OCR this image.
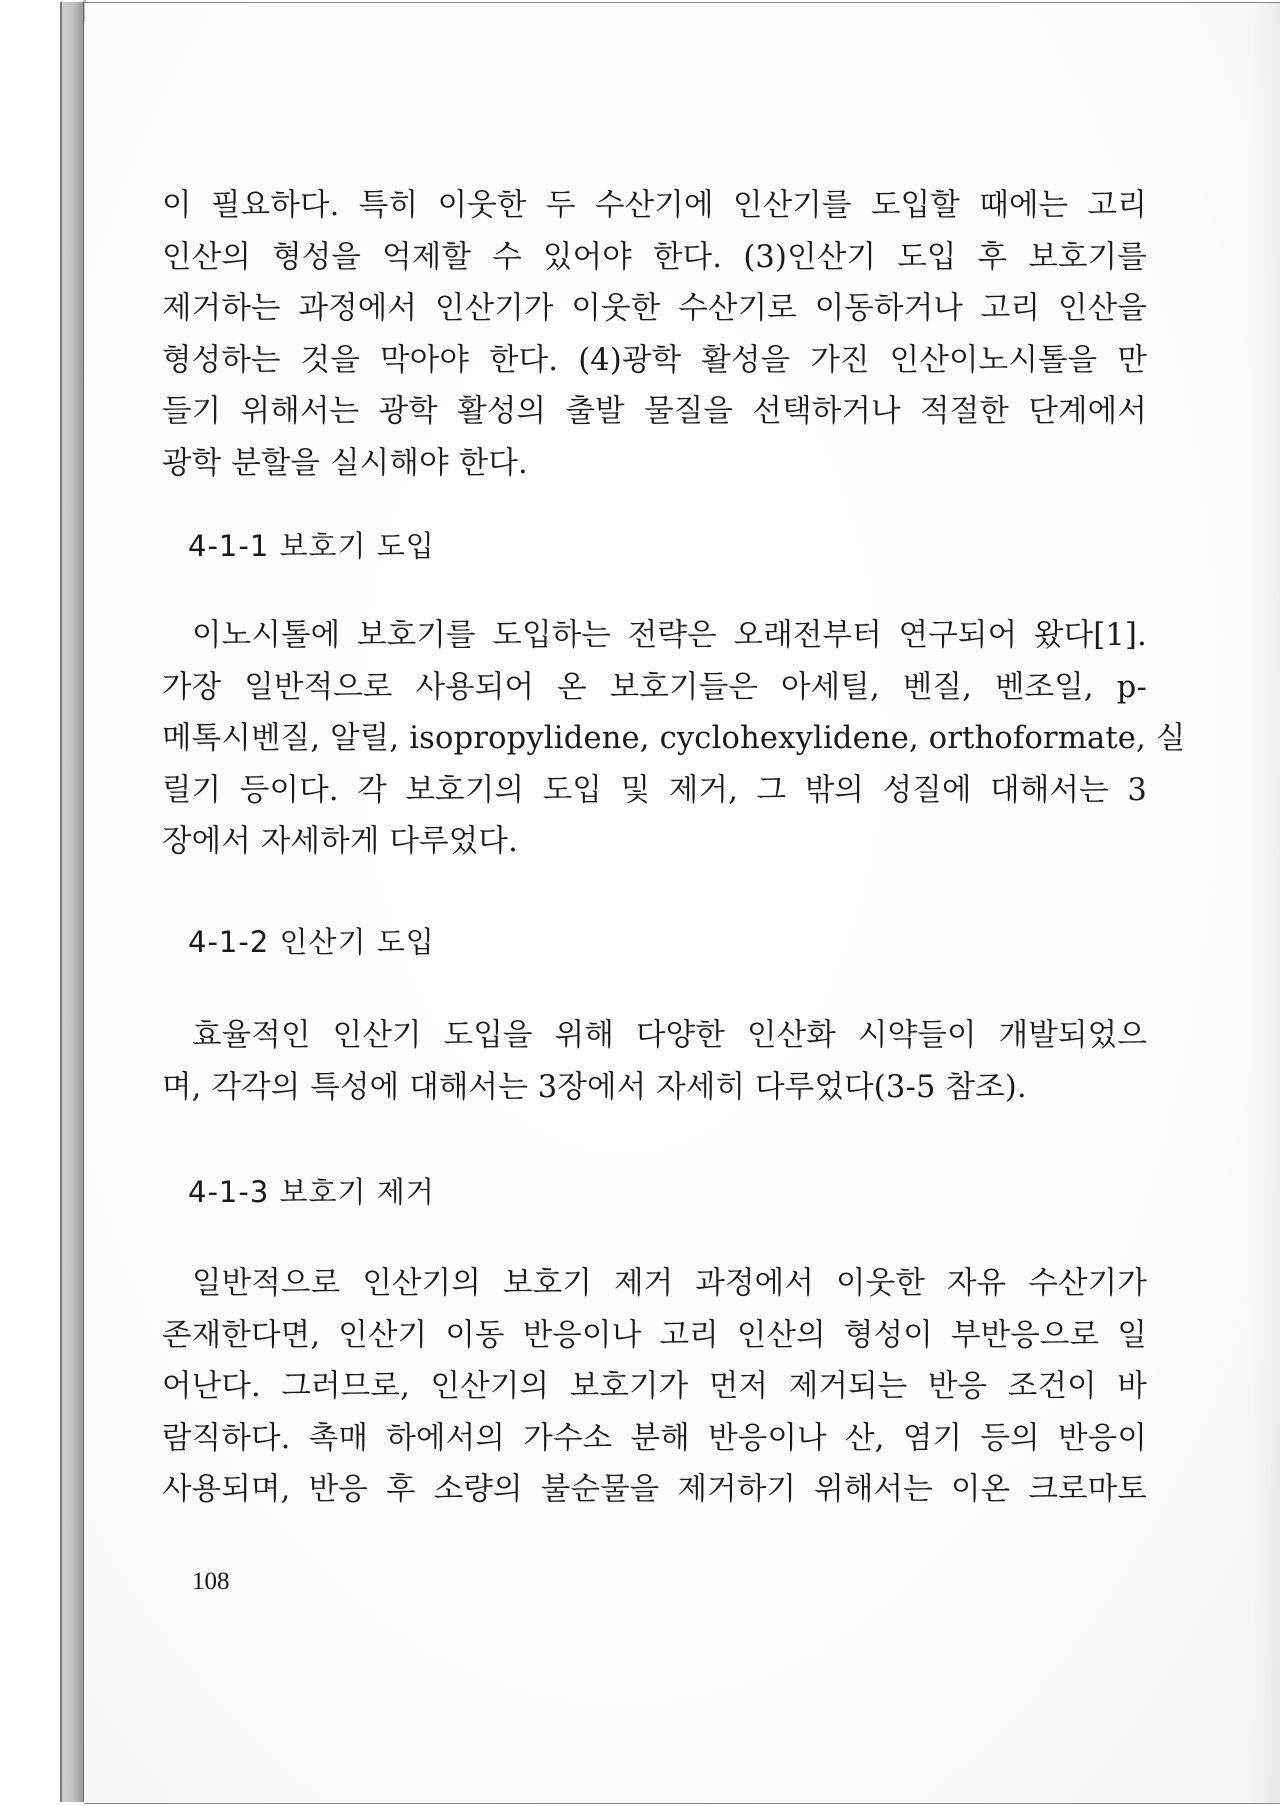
이 필요하다. 특히 이웃한 두 수산기에 인산기를 도입할 때에는 고리

인산의 형성을 억제할 수 있어야 한다. (3)인산기 도입 후 보호기를

제거하는 과정에서 인산기가 이웃한 수산기로 이동하거나 고리 인산을

형성하는 것을 막아야 한다. (4)광학 활성을 가진 인산이노시톨을 만

들기 위해서는 광학 활성의 출발 물질을 선택하거나 적절한 단계에서

광학 분할을 실시해야 한다.

4-1-1 보호기 도입

이노시톨에 보호기를 도입하는 전략은 오래전부터 연구되어 왔다[1].

가장 일반적으로 사용되어 온 보호기들은 아세틸, 벤질, 벤조일, p-

메톡시벤질, 알릴, isopropylidene, cyclohexylidene, orthoformate, 실

릴기 등이다. 각 보호기의 도입 및 제거, 그 밖의 성질에 대해서는 3

장에서 자세하게 다루었다.

4-1-2 인산기 도입

효율적인 인산기 도입을 위해 다양한 인산화 시약들이 개발되었으

며, 각각의 특성에 대해서는 3장에서 자세히 다루었다(3-5 참조).

4-1-3 보호기 제거

일반적으로 인산기의 보호기 제거 과정에서 이웃한 자유 수산기가

존재한다면, 인산기 이동 반응이나 고리 인산의 형성이 부반응으로 일

어난다. 그러므로, 인산기의 보호기가 먼저 제거되는 반응 조건이 바

람직하다. 촉매 하에서의 가수소 분해 반응이나 산, 염기 등의 반응이

사용되며, 반응 후 소량의 불순물을 제거하기 위해서는 이온 크로마토

108
